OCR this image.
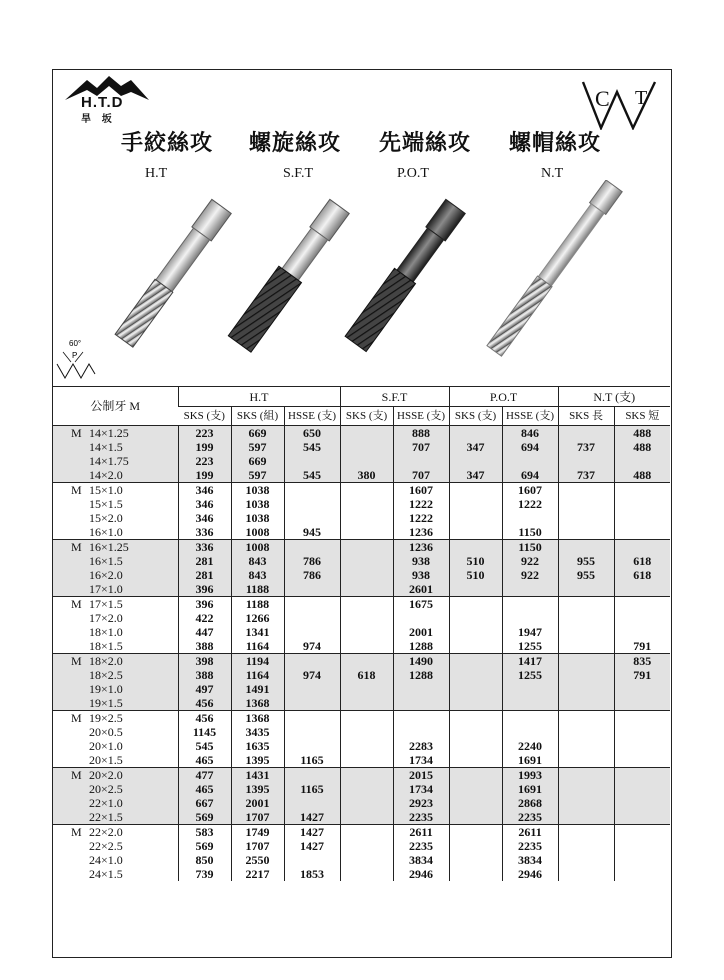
H.T.D
旱 坂
C T
W
手絞絲攻 螺旋絲攻 先端絲攻 螺帽絲攻
H.T	S.F.T	P.O.T	N.T
60°
P
公制牙 M	H.T			S.F.T		P.O.T		N.T (支)	
	SKS (支)	SKS (組)	HSSE (支)	SKS (支)	HSSE (支)	SKS (支)	HSSE (支)	SKS 長	SKS 短
M 14×1.25	223	669	650		888		846		488
14×1.5	199	597	545		707	347	694	737	488
14×1.75	223	669							
14×2.0	199	597	545	380	707	347	694	737	488
M 15×1.0	346	1038			1607		1607		
15×1.5	346	1038			1222		1222		
15×2.0	346	1038			1222				
16×1.0	336	1008	945		1236		1150		
M 16×1.25	336	1008			1236		1150		
16×1.5	281	843	786		938	510	922	955	618
16×2.0	281	843	786		938	510	922	955	618
17×1.0	396	1188			2601				
M 17×1.5	396	1188			1675				
17×2.0	422	1266							
18×1.0	447	1341			2001		1947		
18×1.5	388	1164	974		1288		1255		791
M 18×2.0	398	1194			1490		1417		835
18×2.5	388	1164	974	618	1288		1255		791
19×1.0	497	1491							
19×1.5	456	1368							
M 19×2.5	456	1368							
20×0.5	1145	3435							
20×1.0	545	1635			2283		2240		
20×1.5	465	1395	1165		1734		1691		
M 20×2.0	477	1431			2015		1993		
20×2.5	465	1395	1165		1734		1691		
22×1.0	667	2001			2923		2868		
22×1.5	569	1707	1427		2235		2235		
M 22×2.0	583	1749	1427		2611		2611		
22×2.5	569	1707	1427		2235		2235		
24×1.0	850	2550			3834		3834		
24×1.5	739	2217	1853		2946		2946		
